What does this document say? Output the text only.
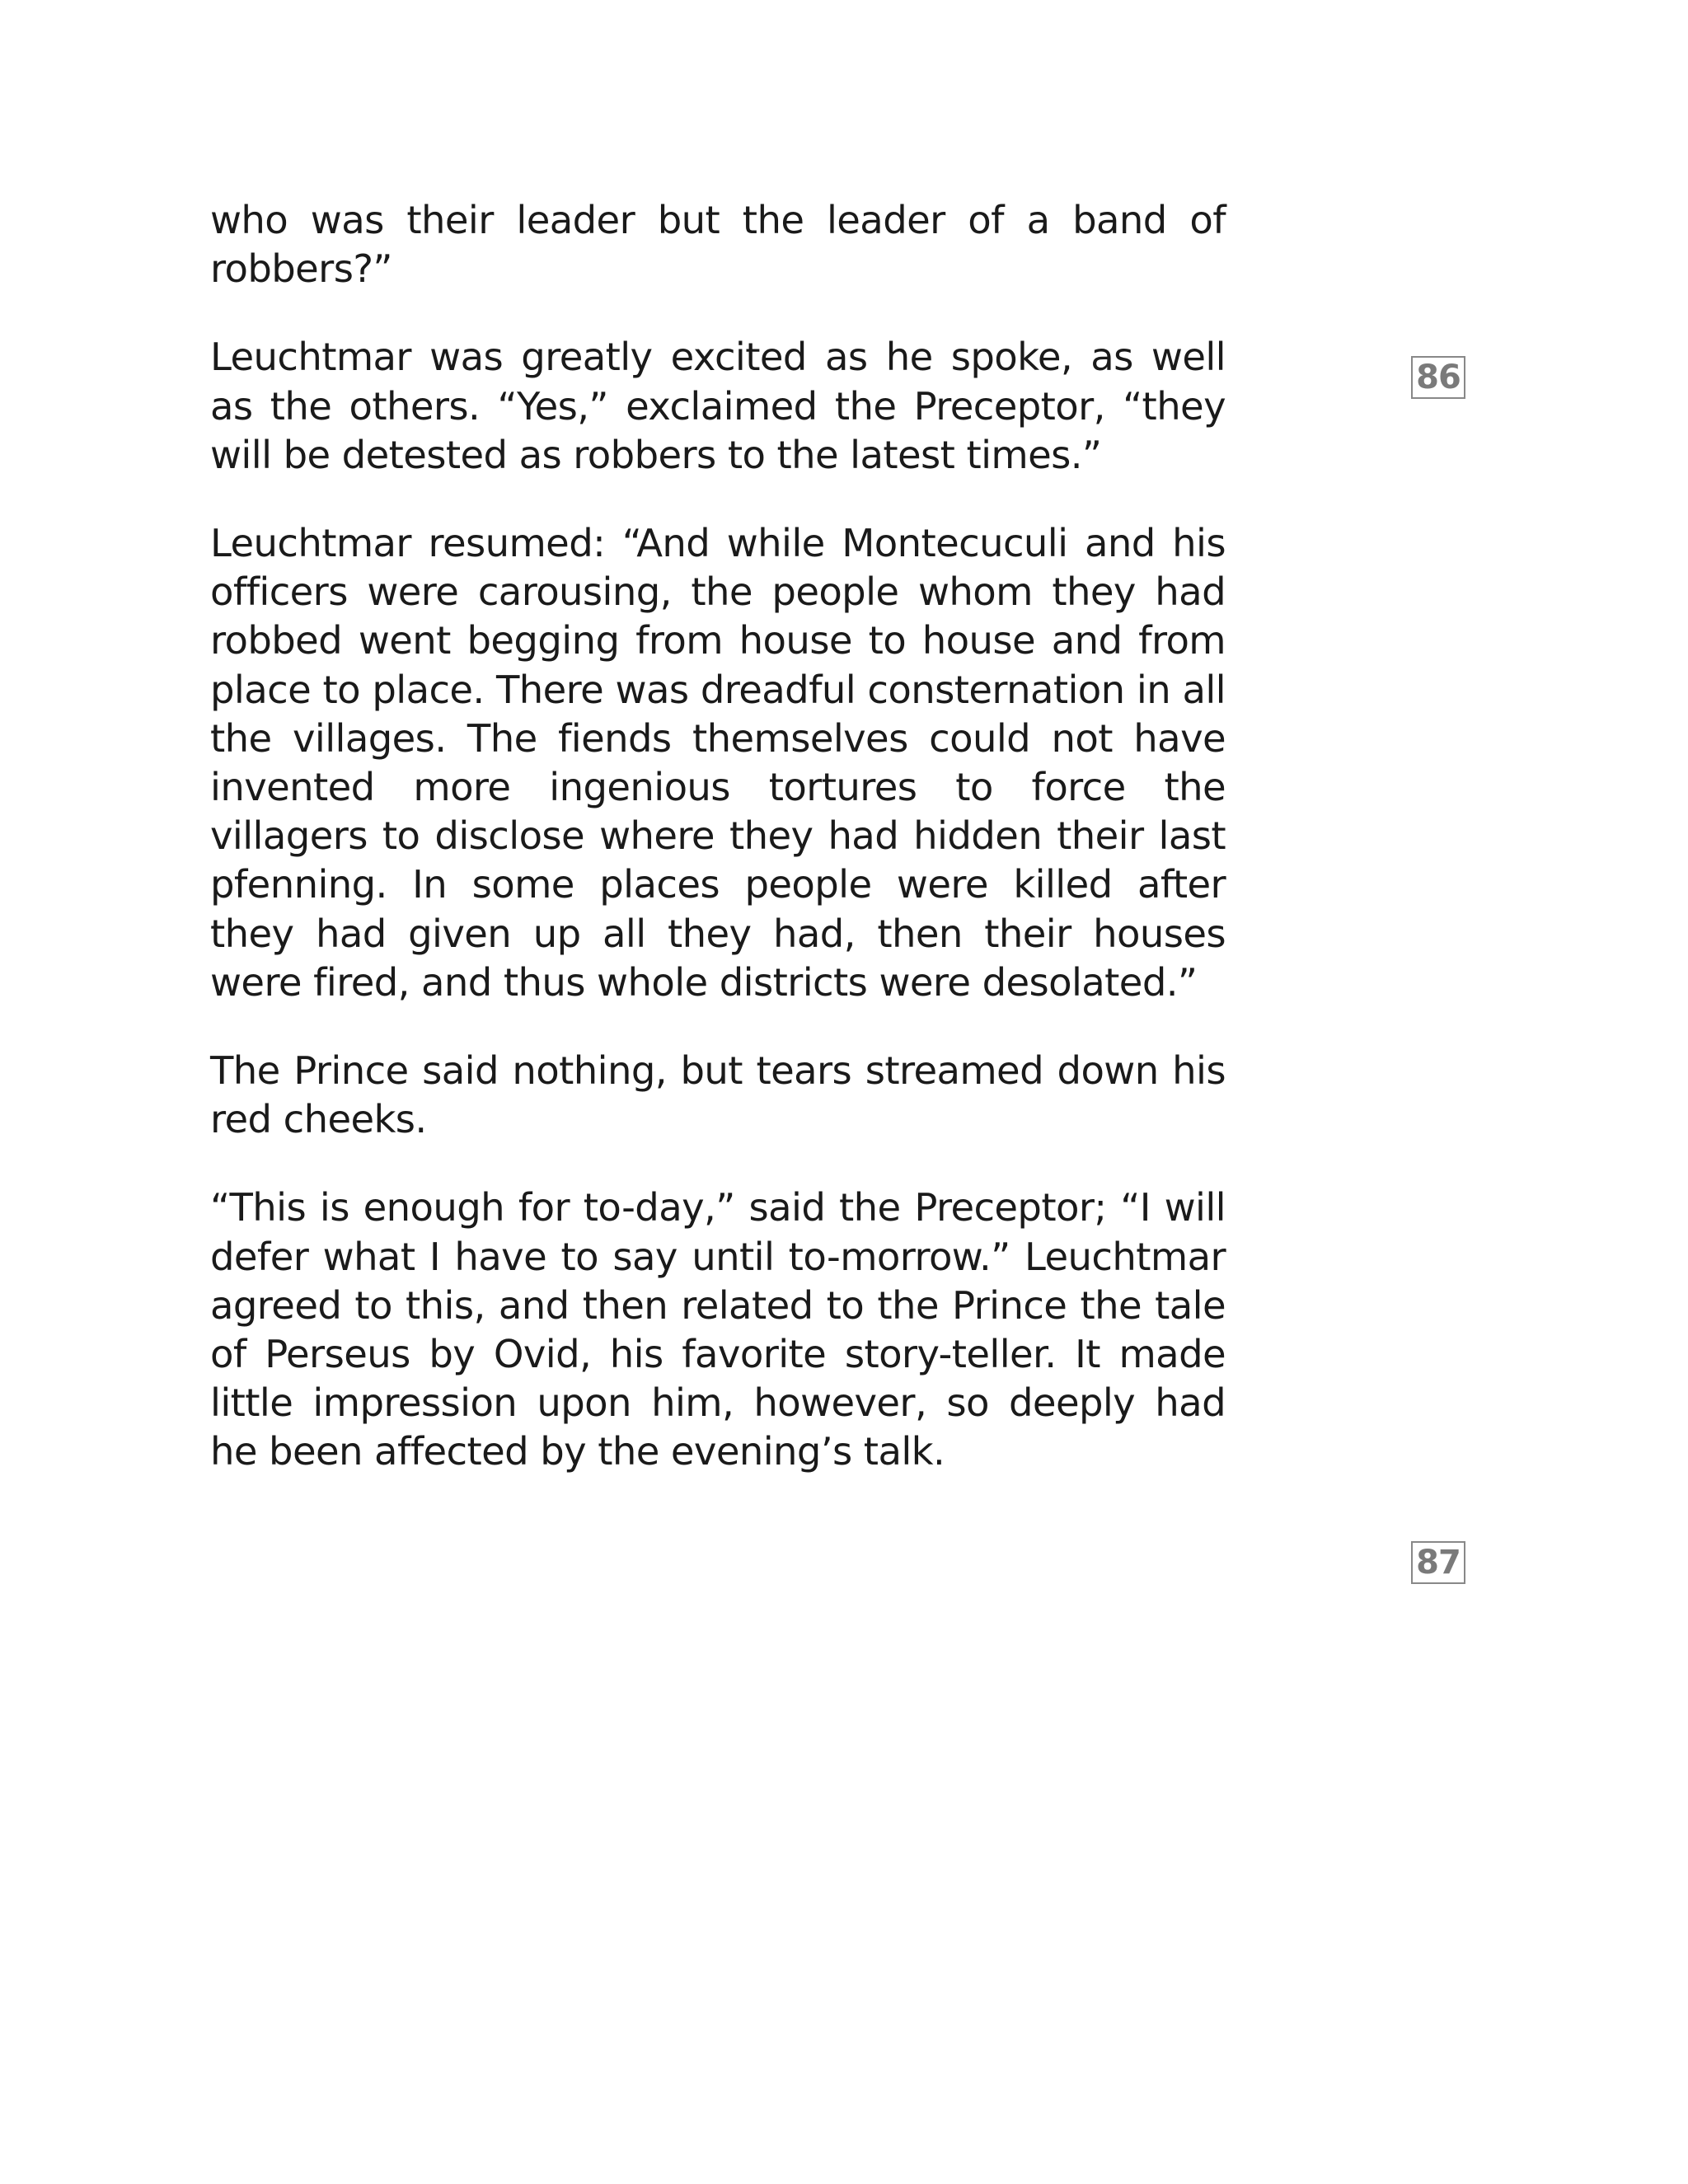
who was their leader but the leader of a band of robbers?”

Leuchtmar was greatly excited as he spoke, as well as the others. “Yes,” exclaimed the Preceptor, “they will be detested as robbers to the latest times.”

Leuchtmar resumed: “And while Montecuculi and his officers were carousing, the people whom they had robbed went begging from house to house and from place to place. There was dreadful consternation in all the villages. The fiends themselves could not have invented more ingenious tortures to force the villagers to disclose where they had hidden their last pfenning. In some places people were killed after they had given up all they had, then their houses were fired, and thus whole districts were desolated.”

The Prince said nothing, but tears streamed down his red cheeks.

“This is enough for to-day,” said the Preceptor; “I will defer what I have to say until to-morrow.” Leuchtmar agreed to this, and then related to the Prince the tale of Perseus by Ovid, his favorite story-teller. It made little impression upon him, however, so deeply had he been affected by the evening’s talk.

86
87
